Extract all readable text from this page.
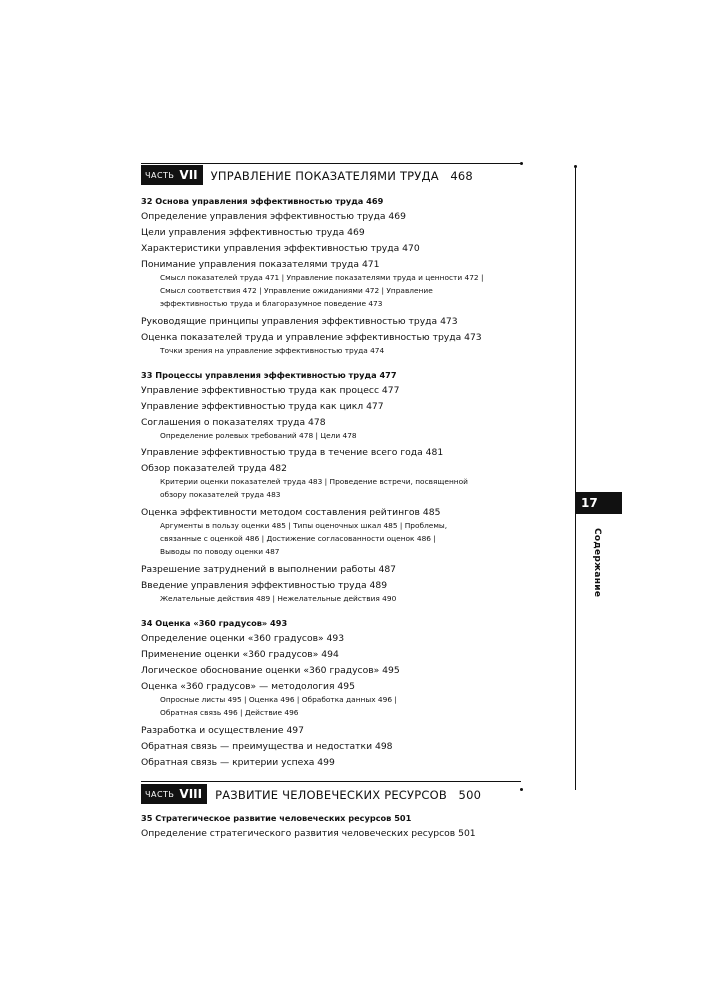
ЧАСТЬ VII УПРАВЛЕНИЕ ПОКАЗАТЕЛЯМИ ТРУДА 468
ЧАСТЬ VIII РАЗВИТИЕ ЧЕЛОВЕЧЕСКИХ РЕСУРСОВ 500
32 Основа управления эффективностью труда 469
Определение управления эффективностью труда 469
Цели управления эффективностью труда 469
Характеристики управления эффективностью труда 470
Понимание управления показателями труда 471
Смысл показателей труда 471 | Управление показателями труда и ценности 472 |
Смысл соответствия 472 | Управление ожиданиями 472 | Управление
эффективностью труда и благоразумное поведение 473
Руководящие принципы управления эффективностью труда 473
Оценка показателей труда и управление эффективностью труда 473
Точки зрения на управление эффективностью труда 474
33 Процессы управления эффективностью труда 477
Управление эффективностью труда как процесс 477
Управление эффективностью труда как цикл 477
Соглашения о показателях труда 478
Определение ролевых требований 478 | Цели 478
Управление эффективностью труда в течение всего года 481
Обзор показателей труда 482
Критерии оценки показателей труда 483 | Проведение встречи, посвященной
обзору показателей труда 483
Оценка эффективности методом составления рейтингов 485
Аргументы в пользу оценки 485 | Типы оценочных шкал 485 | Проблемы,
связанные с оценкой 486 | Достижение согласованности оценок 486 |
Выводы по поводу оценки 487
Разрешение затруднений в выполнении работы 487
Введение управления эффективностью труда 489
Желательные действия 489 | Нежелательные действия 490
34 Оценка «360 градусов» 493
Определение оценки «360 градусов» 493
Применение оценки «360 градусов» 494
Логическое обоснование оценки «360 градусов» 495
Оценка «360 градусов» — методология 495
Опросные листы 495 | Оценка 496 | Обработка данных 496 |
Обратная связь 496 | Действие 496
Разработка и осуществление 497
Обратная связь — преимущества и недостатки 498
Обратная связь — критерии успеха 499
35 Стратегическое развитие человеческих ресурсов 501
Определение стратегического развития человеческих ресурсов 501
17
Содержание
